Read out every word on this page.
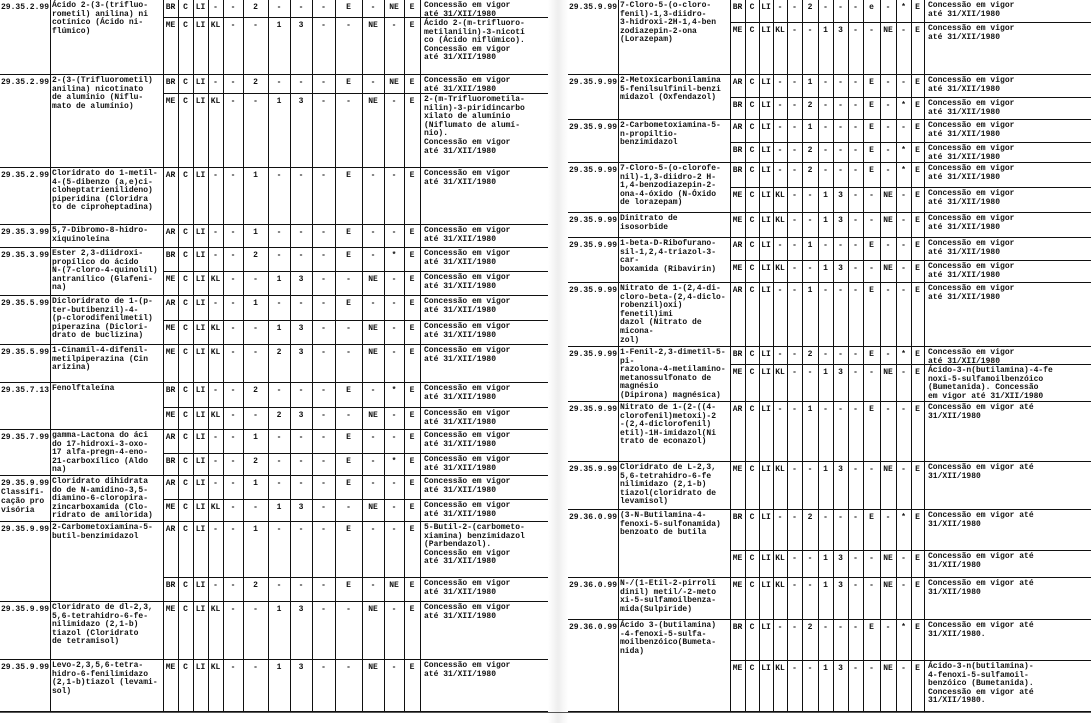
29.35.2.99 Ácido 2-(3-(trifluo-
rometil) anilina) ni
cotínico (Ácido ni-
flúmico)
BR C LI -	-	2	-	-	-	E	-	NE	E	Concessão em vigor
até 31/XII/1980
ME C LI KL	-	-	1	3	-	-	NE	-	E	Ácido 2-(m-trifluoro-
metilanilin)-3-nicotí
co (Ácido niflúmico).
Concessão em vigor
até 31/XII/1980
29.35.2.99 2-(3-(Trifluorometil)
anilina) nicotinato
de alumínio (Niflu-
mato de alumínio)
BR C LI -	-	2	-	-	-	E	-	NE	E	Concessão em vigor
até 31/XII/1980
ME C LI KL	-	-	1	3	-	-	NE	-	E	2-(m-Trifluorometila-
nilin)-3-piridincarbo
xilato de alumínio
(Niflumato de alumí-
nio).
Concessão em vigor
até 31/XII/1980
29.35.2.99 Cloridrato do 1-metil-
4-(5-dibenzo (a,e)ci-
cloheptatrienilideno)
piperidina (Cloridra
to de ciproheptadina)
AR C LI -	-	1	-	-	-	E	-	-	E	Concessão em vigor
até 31/XII/1980
29.35.3.99 5,7-Dibromo-8-hidro-
xiquinoleína
AR C LI -	-	1	-	-	-	E	-	-	E	Concessão em vigor
até 31/XII/1980
29.35.3.99 Ester 2,3-diidroxi-
propílico do ácido
N-(7-cloro-4-quinolil)
antranílico (Glafeni-
na)
BR C LI -	-	2	-	-	-	E	-	*	E	Concessão em vigor
até 31/XII/1980
ME C LI KL	-	-	1	3	-	-	NE	-	E	Concessão em vigor
até 31/XII/1980
29.35.5.99 Dicloridrato de 1-(p-
ter-butibenzil)-4-
(p-clorodifenilmetil)
piperazina (Diclori-
drato de buclizina)
AR C LI -	-	1	-	-	-	E	-	-	E	Concessão em vigor
até 31/XII/1980
ME C LI KL	-	-	1	3	-	-	NE	-	E	Concessão em vigor
até 31/XII/1980
29.35.5.99 1-Cinamil-4-difenil-
metilpiperazina (Cin
arizina)
ME C LI KL	-	-	2	3	-	-	NE	-	E	Concessão em vigor
até 31/XII/1980
29.35.7.13 Fenolftaleína	BR C LI -	-	2	-	-	-	E	-	*	E	Concessão em vigor
até 31/XII/1980
ME C LI KL	-	-	2	3	-	-	NE	-	E	Concessão em vigor
até 31/XII/1980
29.35.7.99 gamma-Lactona do áci
do 17-hidroxi-3-oxo-
17 alfa-pregn-4-eno-
21-carboxílico (Aldo
na)
AR C LI -	-	1	-	-	-	E	-	-	E	Concessão em vigor
até 31/XII/1980
BR C LI -	-	2	-	-	-	E	-	*	E	Concessão em vigor
até 31/XII/1980
29.35.9.99
Classifi-
cação pro
visória
Cloridrato dihidrata
do de N-amidino-3,5-
diamino-6-cloropira-
zincarboxamida (Clo-
ridrato de amilorida)
AR C LI -	-	1	-	-	-	E	-	-	E	Concessão em vigor
até 31/XII/1980
ME C LI KL	-	-	1	3	-	-	NE	-	E	Concessão em vigor
até 31/XII/1980
29.35.9.99 2-Carbometoxiamina-5-
butil-benzimidazol
AR C LI -	-	1	-	-	-	E	-	-	E	5-Butil-2-(carbometo-
xiamina) benzimidazol
(Parbendazol).
Concessão em vigor
até 31/XII/1980
BR C LI -	-	2	-	-	-	E	-	NE	E	Concessão em vigor
até 31/XII/1980
29.35.9.99 Cloridrato de dl-2,3,
5,6-tetrahidro-6-fe-
nilimidazo (2,1-b)
tiazol (Cloridrato
de tetramisol)
ME C LI KL	-	-	1	3	-	-	NE	-	E	Concessão em vigor
até 31/XII/1980
29.35.9.99 Levo-2,3,5,6-tetra-
hidro-6-fenilimidazo
(2,1-b)tiazol (levami-
sol)
ME C LI KL	-	-	1	3	-	-	NE	-	E	Concessão em vigor
até 31/XII/1980
29.35.9.99 7-Cloro-5-(o-cloro-
fenil)-1,3-diidro-
3-hidroxi-2H-1,4-ben
zodiazepin-2-ona
(Lorazepam)
BR C LI -	-	2	-	-	-	e	-	*	E	Concessão em vigor
até 31/XII/1980
ME C LI KL -	-	1	3	-	-	NE	-	E	Concessão em vigor
até 31/XII/1980
29.35.9.99 2-Metoxicarbonilamina
5-fenilsulfinil-benzi
midazol (Oxfendazol)
AR C LI -	-	1	-	-	-	E	-	-	E	Concessão em vigor
até 31/XII/1980
BR C LI -	-	2	-	-	-	E	-	*	E	Concessão em vigor
até 31/XII/1980
29.35.9.99 2-Carbometoxiamina-5-
n-propiltio-benzimidazol
AR C LI -	-	1	-	-	-	E	-	-	E	Concessão em vigor
até 31/XII/1980
BR C LI -	-	2	-	-	-	E	-	*	E	Concessão em vigor
até 31/XII/1980
29.35.9.99 7-Cloro-5-(o-clorofe-
nil)-1,3-diidro-2 H-
1,4-benzodiazepin-2-
ona-4-óxido (N-Óxido
de lorazepam)
BR C LI -	-	2	-	-	-	E	-	*	E	Concessão em vigor
até 31/XII/1980
ME C LI KL -	-	1	3	-	-	NE	-	E	Concessão em vigor
até 31/XII/1980
29.35.9.99 Dinitrato de isosorbide
ME C LI KL -	-	1	3	-	-	NE	-	E	Concessão em vigor
até 31/XII/1980
29.35.9.99 1-beta-D-Ribofurano-
sil-1,2,4-triazol-3-car-
boxamida (Ribavirin)
AR C LI -	-	1	-	-	-	E	-	-	E	Concessão em vigor
até 31/XII/1980
ME C LI KL -	-	1	3	-	-	NE	-	E	Concessão em vigor
até 31/XII/1980
29.35.9.99 Nitrato de 1-(2,4-di-
cloro-beta-(2,4-diclo-
robenzil)oxi) fenetil)imi
dazol (Nitrato de micona-
zol)
AR C LI -	-	1	-	-	-	E	-	-	E	Concessão em vigor
até 31/XII/1980
29.35.9.99 1-Fenil-2,3-dimetil-5-pi-
razolona-4-metilamino-
metanossulfonato de magnésio
(Dipirona) magnésica)
BR C LI -	-	2	-	-	-	E	-	*	E	Concessão em vigor
até 31/XII/1980
ME C LI KL -	-	1	3	-	-	NE	-	E	Ácido-3-n(butilamina)-4-fe
noxi-5-sulfamoilbenzóico
(Bumetanida). Concessão
em vigor até 31/XII/1980
29.35.9.99 Nitrato de 1-(2-((4-
clorofenil)metoxi)-2
-(2,4-diclorofenil)
etil)-1H-imidazol(Ni
trato de econazol)
AR C LI -	-	1	-	-	-	E	-	-	E	Concessão em vigor até
31/XII/1980
29.35.9.99 Cloridrato de L-2,3,
5,6-tetrahidro-6-fe
nilimidazo (2,1-b)
tiazol(cloridrato de
levamisol)
ME C LI KL -	-	1	3	-	-	NE	-	E	Concessão em vigor até
31/XII/1980
29.36.0.99 (3-N-Butilamina-4-
fenoxi-5-sulfonamida)
benzoato de butila
BR C LI -	-	2	-	-	-	E	-	*	E	Concessão em vigor até
31/XII/1980
ME C LI KL -	-	1	3	-	-	NE	-	E	Concessão em vigor até
31/XII/1980
29.36.0.99 N-/(1-Etil-2-pirroli
dinil) metil/-2-meto
xi-5-sulfamoilbenza-
mida(Sulpiride)
ME C LI KL -	-	1	3	-	-	NE	-	E	Concessão em vigor até
31/XII/1980
29.36.0.99 Ácido 3-(butilamina)
-4-fenoxi-5-sulfa-
moilbenzóico(Bumeta-
nida)
BR C LI -	-	2	-	-	-	E	-	*	E	Concessão em vigor até
31/XII/1980.
ME C LI KL -	-	1	3	-	-	NE	-	E	Ácido-3-n(butilamina)-
4-fenoxi-5-sulfamoil-
benzóico (Bumetanida).
Concessão em vigor até
31/XII/1980.
